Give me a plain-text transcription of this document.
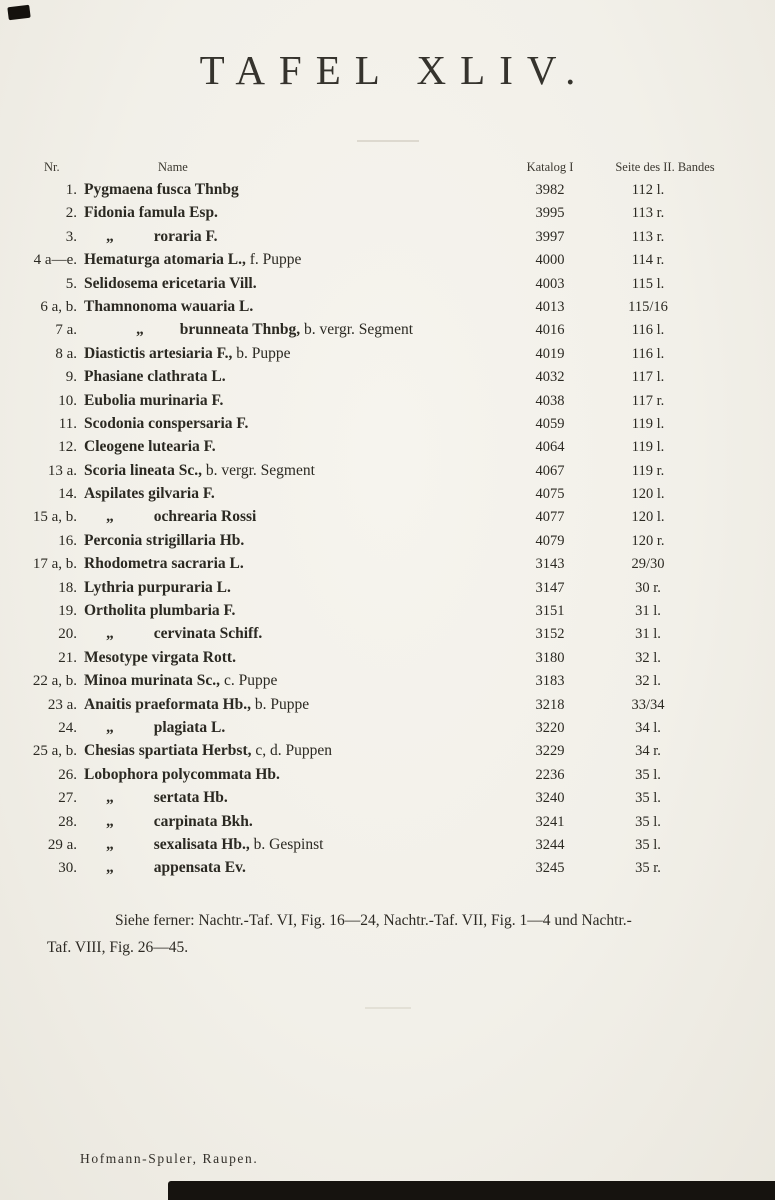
TAFEL XLIV.
Nr.	Name	Katalog I	Seite des II. Bandes
1. Pygmaena fusca Thnbg	3982	112 l.
2. Fidonia famula Esp.	3995	113 r.
3.	„	roraria F.	3997	113 r.
4 a—e. Hematurga atomaria L., f. Puppe	4000	114 r.
5. Selidosema ericetaria Vill.	4003	115 l.
6 a, b. Thamnonoma wauaria L.	4013	115/16
7 a.	„ brunneata Thnbg, b. vergr. Segment	4016	116 l.
8 a. Diastictis artesiaria F., b. Puppe	4019	116 l.
9. Phasiane clathrata L.	4032	117 l.
10. Eubolia murinaria F.	4038	117 r.
11. Scodonia conspersaria F.	4059	119 l.
12. Cleogene lutearia F.	4064	119 l.
13 a. Scoria lineata Sc., b. vergr. Segment	4067	119 r.
14. Aspilates gilvaria F.	4075	120 l.
15 a, b.	„	ochrearia Rossi	4077	120 l.
16. Perconia strigillaria Hb.	4079	120 r.
17 a, b. Rhodometra sacraria L.	3143	29/30
18. Lythria purpuraria L.	3147	30 r.
19. Ortholita plumbaria F.	3151	31 l.
20.	„	cervinata Schiff.	3152	31 l.
21. Mesotype virgata Rott.	3180	32 l.
22 a, b. Minoa murinata Sc., c. Puppe	3183	32 l.
23 a. Anaitis praeformata Hb., b. Puppe	3218	33/34
24.	„	plagiata L.	3220	34 l.
25 a, b. Chesias spartiata Herbst, c, d. Puppen	3229	34 r.
26. Lobophora polycommata Hb.	2236	35 l.
27.	„	sertata Hb.	3240	35 l.
28.	„	carpinata Bkh.	3241	35 l.
29 a.	„	sexalisata Hb., b. Gespinst	3244	35 l.
30.	„	appensata Ev.	3245	35 r.

Siehe ferner: Nachtr.-Taf. VI, Fig. 16—24, Nachtr.-Taf. VII, Fig. 1—4 und Nachtr.-
Taf. VIII, Fig. 26—45.

Hofmann-Spuler, Raupen.
